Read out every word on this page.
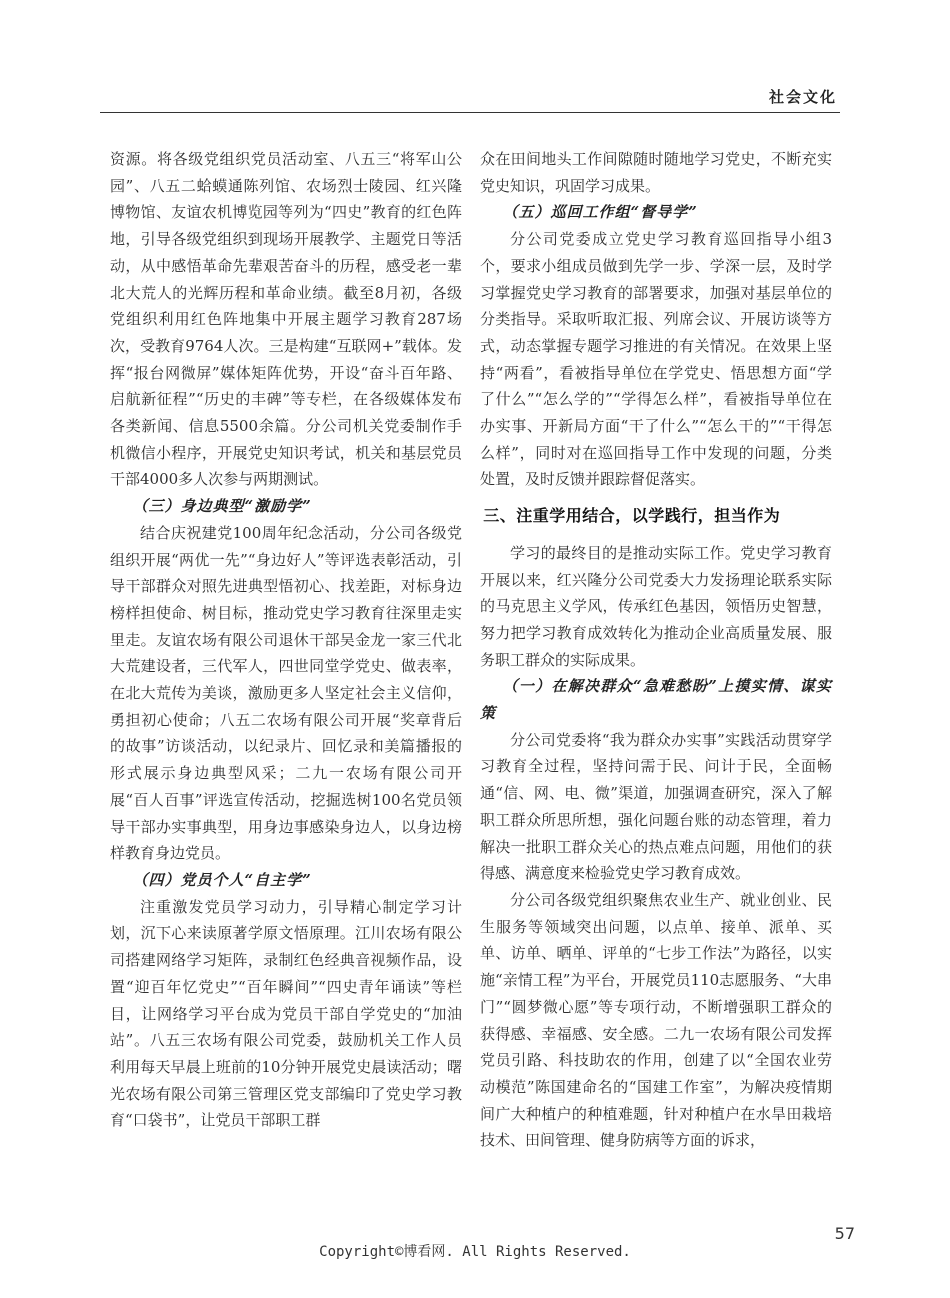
社会文化

资源。将各级党组织党员活动室、八五三“将军山公园”、八五二蛤蟆通陈列馆、农场烈士陵园、红兴隆博物馆、友谊农机博览园等列为“四史”教育的红色阵地，引导各级党组织到现场开展教学、主题党日等活动，从中感悟革命先辈艰苦奋斗的历程，感受老一辈北大荒人的光辉历程和革命业绩。截至8月初，各级党组织利用红色阵地集中开展主题学习教育287场次，受教育9764人次。三是构建“互联网+”载体。发挥“报台网微屏”媒体矩阵优势，开设“奋斗百年路、启航新征程”“历史的丰碑”等专栏，在各级媒体发布各类新闻、信息5500余篇。分公司机关党委制作手机微信小程序，开展党史知识考试，机关和基层党员干部4000多人次参与两期测试。

（三）身边典型“激励学”

结合庆祝建党100周年纪念活动，分公司各级党组织开展“两优一先”“身边好人”等评选表彰活动，引导干部群众对照先进典型悟初心、找差距，对标身边榜样担使命、树目标，推动党史学习教育往深里走实里走。友谊农场有限公司退休干部吴金龙一家三代北大荒建设者，三代军人，四世同堂学党史、做表率，在北大荒传为美谈，激励更多人坚定社会主义信仰，勇担初心使命；八五二农场有限公司开展“奖章背后的故事”访谈活动，以纪录片、回忆录和美篇播报的形式展示身边典型风采；二九一农场有限公司开展“百人百事”评选宣传活动，挖掘选树100名党员领导干部办实事典型，用身边事感染身边人，以身边榜样教育身边党员。

（四）党员个人“自主学”

注重激发党员学习动力，引导精心制定学习计划，沉下心来读原著学原文悟原理。江川农场有限公司搭建网络学习矩阵，录制红色经典音视频作品，设置“迎百年忆党史”“百年瞬间”“四史青年诵读”等栏目，让网络学习平台成为党员干部自学党史的“加油站”。八五三农场有限公司党委，鼓励机关工作人员利用每天早晨上班前的10分钟开展党史晨读活动；曙光农场有限公司第三管理区党支部编印了党史学习教育“口袋书”，让党员干部职工群

众在田间地头工作间隙随时随地学习党史，不断充实党史知识，巩固学习成果。

（五）巡回工作组“督导学”

分公司党委成立党史学习教育巡回指导小组3个，要求小组成员做到先学一步、学深一层，及时学习掌握党史学习教育的部署要求，加强对基层单位的分类指导。采取听取汇报、列席会议、开展访谈等方式，动态掌握专题学习推进的有关情况。在效果上坚持“两看”，看被指导单位在学党史、悟思想方面“学了什么”“怎么学的”“学得怎么样”，看被指导单位在办实事、开新局方面“干了什么”“怎么干的”“干得怎么样”，同时对在巡回指导工作中发现的问题，分类处置，及时反馈并跟踪督促落实。

三、注重学用结合，以学践行，担当作为

学习的最终目的是推动实际工作。党史学习教育开展以来，红兴隆分公司党委大力发扬理论联系实际的马克思主义学风，传承红色基因，领悟历史智慧，努力把学习教育成效转化为推动企业高质量发展、服务职工群众的实际成果。

（一）在解决群众“急难愁盼”上摸实情、谋实策

分公司党委将“我为群众办实事”实践活动贯穿学习教育全过程，坚持问需于民、问计于民，全面畅通“信、网、电、微”渠道，加强调查研究，深入了解职工群众所思所想，强化问题台账的动态管理，着力解决一批职工群众关心的热点难点问题，用他们的获得感、满意度来检验党史学习教育成效。

分公司各级党组织聚焦农业生产、就业创业、民生服务等领域突出问题，以点单、接单、派单、买单、访单、晒单、评单的“七步工作法”为路径，以实施“亲情工程”为平台，开展党员110志愿服务、“大串门”“圆梦微心愿”等专项行动，不断增强职工群众的获得感、幸福感、安全感。二九一农场有限公司发挥党员引路、科技助农的作用，创建了以“全国农业劳动模范”陈国建命名的“国建工作室”，为解决疫情期间广大种植户的种植难题，针对种植户在水旱田栽培技术、田间管理、健身防病等方面的诉求，

57
Copyright©博看网. All Rights Reserved.
